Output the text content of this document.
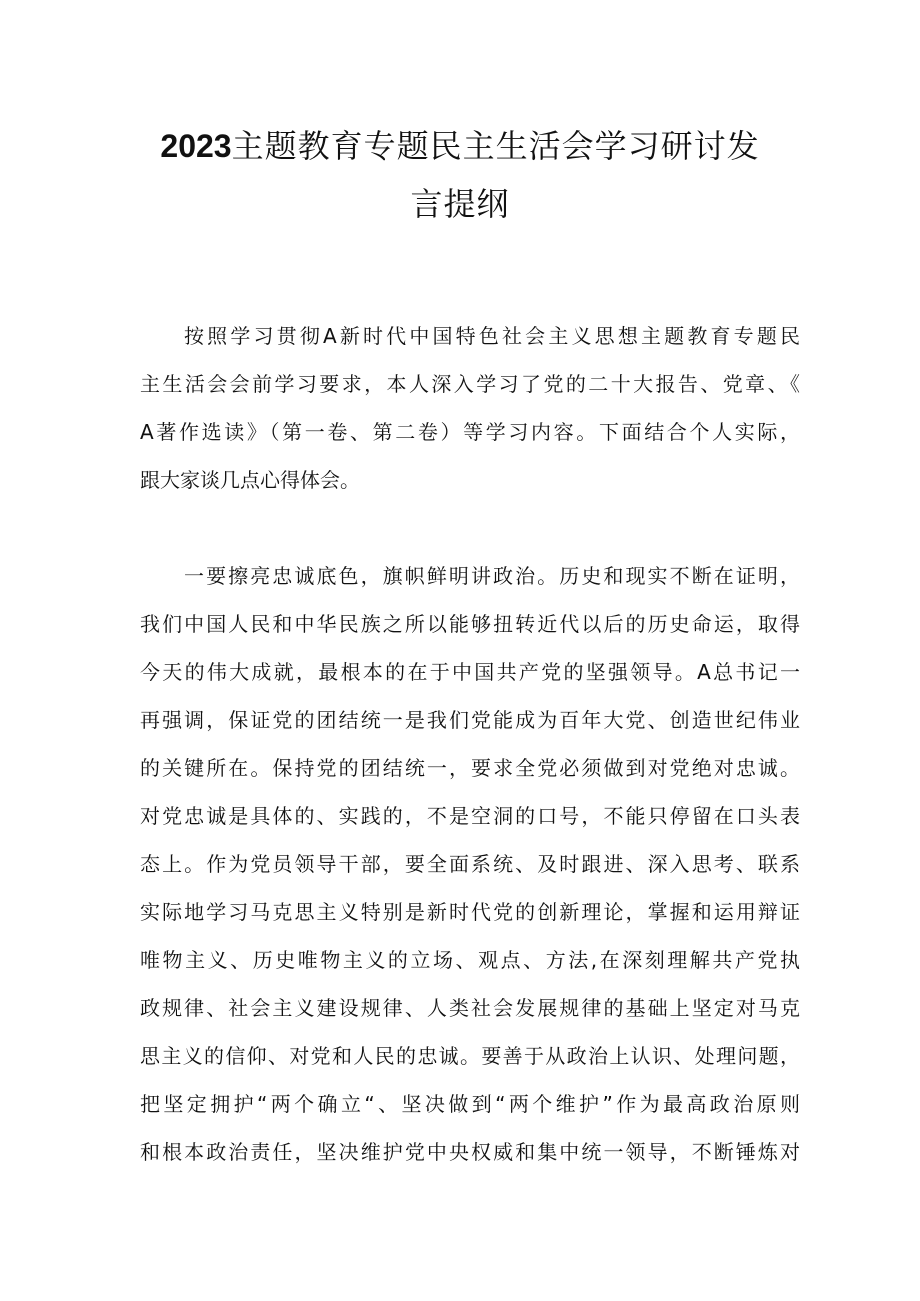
2023主题教育专题民主生活会学习研讨发
言提纲
按照学习贯彻A新时代中国特色社会主义思想主题教育专题民
主生活会会前学习要求，本人深入学习了党的二十大报告、党章、《
A著作选读》（第一卷、第二卷）等学习内容。下面结合个人实际，
跟大家谈几点心得体会。
一要擦亮忠诚底色，旗帜鲜明讲政治。历史和现实不断在证明，
我们中国人民和中华民族之所以能够扭转近代以后的历史命运，取得
今天的伟大成就，最根本的在于中国共产党的坚强领导。A总书记一
再强调，保证党的团结统一是我们党能成为百年大党、创造世纪伟业
的关键所在。保持党的团结统一，要求全党必须做到对党绝对忠诚。
对党忠诚是具体的、实践的，不是空洞的口号，不能只停留在口头表
态上。作为党员领导干部，要全面系统、及时跟进、深入思考、联系
实际地学习马克思主义特别是新时代党的创新理论，掌握和运用辩证
唯物主义、历史唯物主义的立场、观点、方法,在深刻理解共产党执
政规律、社会主义建设规律、人类社会发展规律的基础上坚定对马克
思主义的信仰、对党和人民的忠诚。要善于从政治上认识、处理问题，
把坚定拥护“两个确立“、坚决做到“两个维护”作为最高政治原则
和根本政治责任，坚决维护党中央权威和集中统一领导，不断锤炼对
